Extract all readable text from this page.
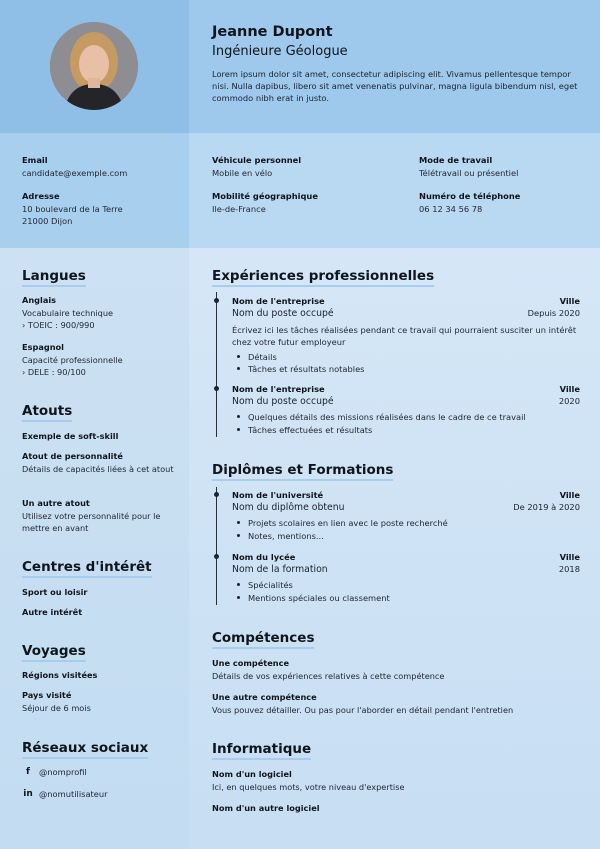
Jeanne Dupont
Ingénieure Géologue
Lorem ipsum dolor sit amet, consectetur adipiscing elit. Vivamus pellentesque tempor nisi. Nulla dapibus, libero sit amet venenatis pulvinar, magna ligula bibendum nisl, eget commodo nibh erat in justo.
Email
candidate@exemple.com
Adresse
10 boulevard de la Terre
21000 Dijon
Véhicule personnel
Mobile en vélo
Mobilité géographique
Ile-de-France
Mode de travail
Télétravail ou présentiel
Numéro de téléphone
06 12 34 56 78
Langues
Anglais
Vocabulaire technique
› TOEIC : 900/990
Espagnol
Capacité professionnelle
› DELE : 90/100
Atouts
Exemple de soft-skill
Atout de personnalité
Détails de capacités liées à cet atout
Un autre atout
Utilisez votre personnalité pour le mettre en avant
Centres d'intérêt
Sport ou loisir
Autre intérêt
Voyages
Régions visitées
Pays visité
Séjour de 6 mois
Réseaux sociaux
f	@nomprofil
in @nomutilisateur
Expériences professionnelles
Nom de l'entreprise	Ville
Nom du poste occupé	Depuis 2020
Écrivez ici les tâches réalisées pendant ce travail qui pourraient susciter un intérêt chez votre futur employeur
Détails
Tâches et résultats notables
Nom de l'entreprise	Ville
Nom du poste occupé	2020
Quelques détails des missions réalisées dans le cadre de ce travail
Tâches effectuées et résultats
Diplômes et Formations
Nom de l'université	Ville
Nom du diplôme obtenu	De 2019 à 2020
Projets scolaires en lien avec le poste recherché
Notes, mentions...
Nom du lycée	Ville
Nom de la formation	2018
Spécialités
Mentions spéciales ou classement
Compétences
Une compétence
Détails de vos expériences relatives à cette compétence
Une autre compétence
Vous pouvez détailler. Ou pas pour l'aborder en détail pendant l'entretien
Informatique
Nom d'un logiciel
Ici, en quelques mots, votre niveau d'expertise
Nom d'un autre logiciel
